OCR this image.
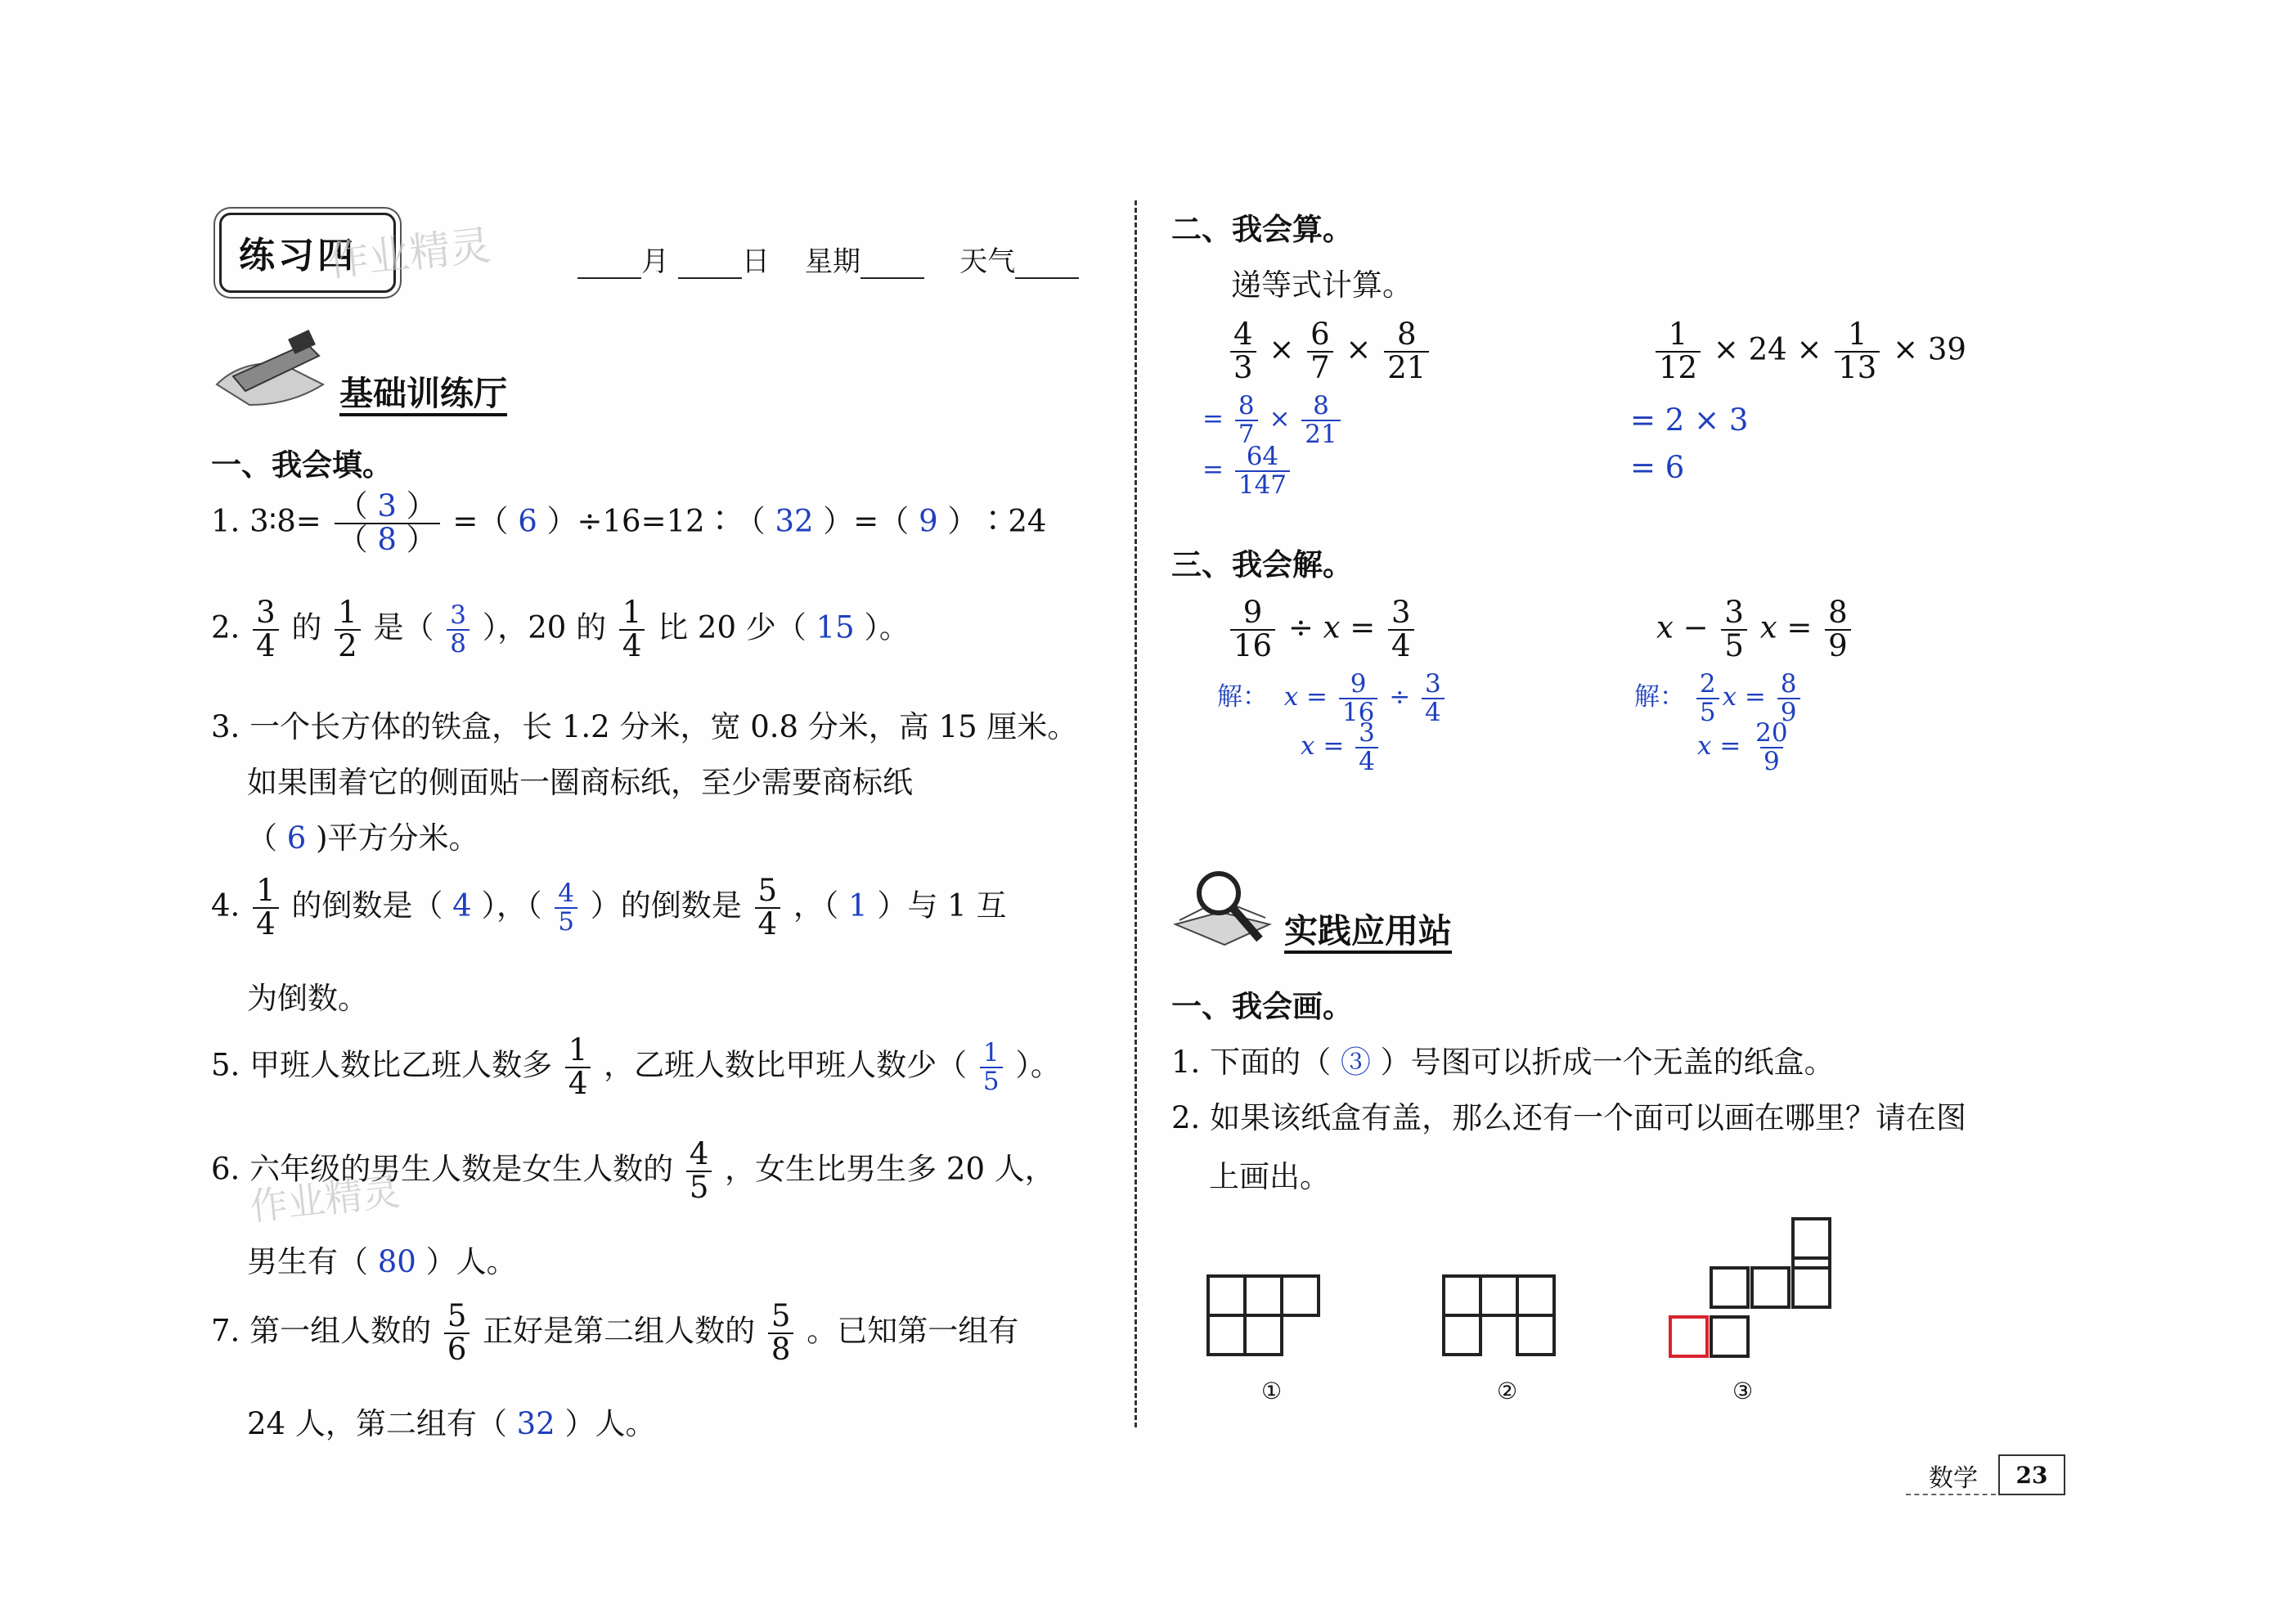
练习四
作业精灵	月	日 星期	天气
基础训练厅
一、我会填。
1. 3∶8= $\frac{( 3 )}{( 8 )}$ =（ 6 ）÷16=12∶（ 32 ）=（ 9 ）∶24
2. $\frac{3}{4}$ 的 $\frac{1}{2}$ 是（ $\frac{3}{8}$ ），20 的 $\frac{1}{4}$ 比 20 少（ 15 ）。
3. 一个长方体的铁盒，长 1.2 分米，宽 0.8 分米，高 15 厘米。
如果围着它的侧面贴一圈商标纸，至少需要商标纸
（ 6 )平方分米。
4. $\frac{1}{4}$ 的倒数是（ 4 ），（ $\frac{4}{5}$ ）的倒数是 $\frac{5}{4}$ ，（ 1 ）与 1 互
为倒数。
5. 甲班人数比乙班人数多 $\frac{1}{4}$ ，乙班人数比甲班人数少（ $\frac{1}{5}$ ）。
6. 六年级的男生人数是女生人数的 $\frac{4}{5}$ ，女生比男生多 20 人，
作业精灵
男生有（ 80 ）人。
7. 第一组人数的 $\frac{5}{6}$ 正好是第二组人数的 $\frac{5}{8}$ 。已知第一组有
24 人，第二组有（ 32 ）人。
二、我会算。
递等式计算。
$\frac{4}{3} \times \frac{6}{7} \times \frac{8}{21}$
= $\frac{8}{7} \times \frac{8}{21}$
= $\frac{64}{147}$
$\frac{1}{12} \times 24 \times \frac{1}{13} \times 39$
= 2 × 3
= 6
三、我会解。
$\frac{9}{16} \div x = \frac{3}{4}$
解： $x = \frac{9}{16} \div \frac{3}{4}$
$x = \frac{3}{4}$
$x - \frac{3}{5}$ $x = \frac{8}{9}$
解： $\frac{2}{5}$ $x = \frac{8}{9}$
$x = \frac{20}{9}$
实践应用站
一、我会画。
1. 下面的（ ③ ）号图可以折成一个无盖的纸盒。
2. 如果该纸盒有盖，那么还有一个面可以画在哪里？请在图
上画出。
①	②	③
数学	23
